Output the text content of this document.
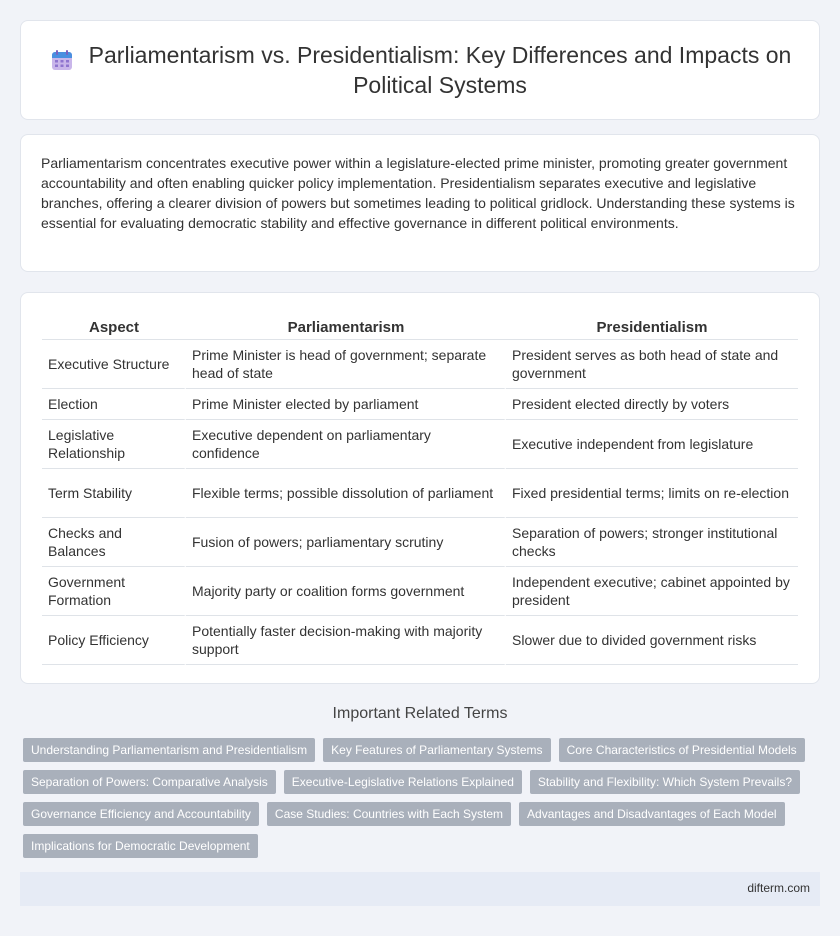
Parliamentarism vs. Presidentialism: Key Differences and Impacts on Political Systems

Parliamentarism concentrates executive power within a legislature-elected prime minister, promoting greater government accountability and often enabling quicker policy implementation. Presidentialism separates executive and legislative branches, offering a clearer division of powers but sometimes leading to political gridlock. Understanding these systems is essential for evaluating democratic stability and effective governance in different political environments.

Aspect	Parliamentarism	Presidentialism
Executive Structure	Prime Minister is head of government; separate head of state	President serves as both head of state and government
Election	Prime Minister elected by parliament	President elected directly by voters
Legislative Relationship	Executive dependent on parliamentary confidence	Executive independent from legislature
Term Stability	Flexible terms; possible dissolution of parliament	Fixed presidential terms; limits on re-election
Checks and Balances	Fusion of powers; parliamentary scrutiny	Separation of powers; stronger institutional checks
Government Formation	Majority party or coalition forms government	Independent executive; cabinet appointed by president
Policy Efficiency	Potentially faster decision-making with majority support	Slower due to divided government risks
Important Related Terms
Understanding Parliamentarism and Presidentialism	Key Features of Parliamentary Systems	Core Characteristics of Presidential Models
Separation of Powers: Comparative Analysis	Executive-Legislative Relations Explained	Stability and Flexibility: Which System Prevails?
Governance Efficiency and Accountability	Case Studies: Countries with Each System	Advantages and Disadvantages of Each Model
Implications for Democratic Development
difterm.com
